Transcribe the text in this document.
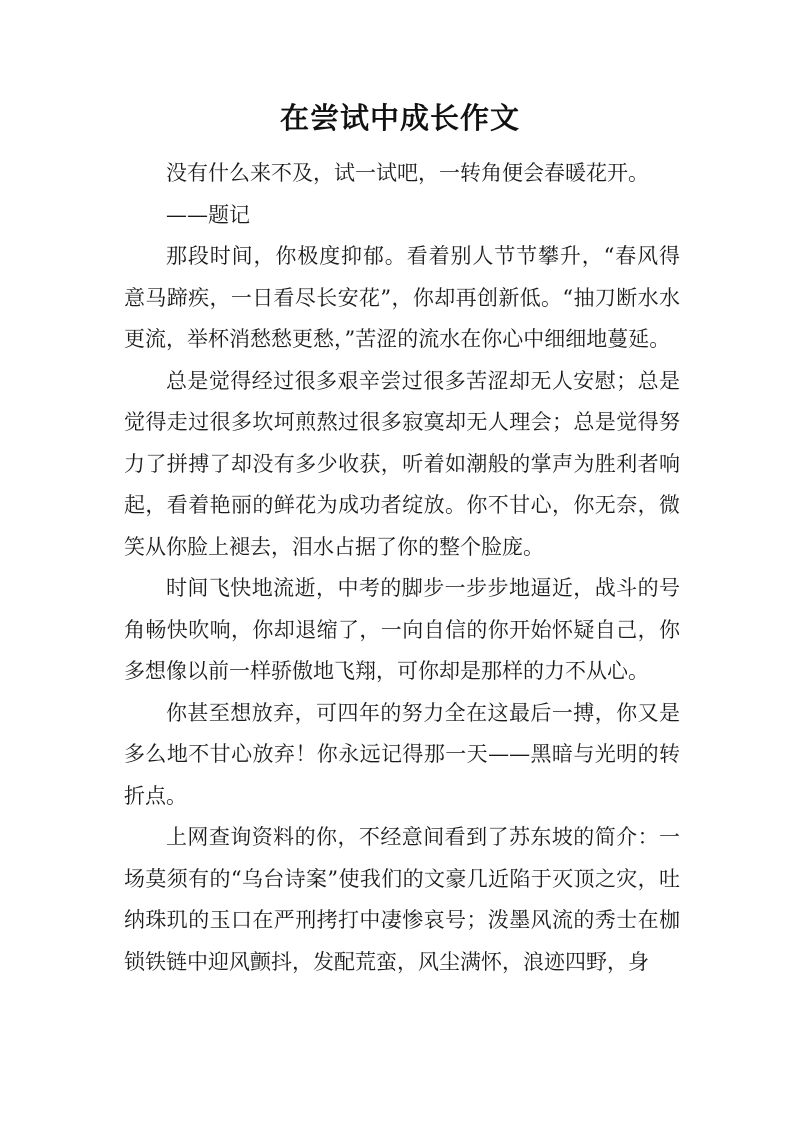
在尝试中成长作文

没有什么来不及，试一试吧，一转角便会春暖花开。

——题记

那段时间，你极度抑郁。看着别人节节攀升，“春风得意马蹄疾，一日看尽长安花”，你却再创新低。“抽刀断水水更流，举杯消愁愁更愁，”苦涩的流水在你心中细细地蔓延。

总是觉得经过很多艰辛尝过很多苦涩却无人安慰；总是觉得走过很多坎坷煎熬过很多寂寞却无人理会；总是觉得努力了拼搏了却没有多少收获，听着如潮般的掌声为胜利者响起，看着艳丽的鲜花为成功者绽放。你不甘心，你无奈，微笑从你脸上褪去，泪水占据了你的整个脸庞。

时间飞快地流逝，中考的脚步一步步地逼近，战斗的号角畅快吹响，你却退缩了，一向自信的你开始怀疑自己，你多想像以前一样骄傲地飞翔，可你却是那样的力不从心。

你甚至想放弃，可四年的努力全在这最后一搏，你又是多么地不甘心放弃！你永远记得那一天——黑暗与光明的转折点。

上网查询资料的你，不经意间看到了苏东坡的简介：一场莫须有的“乌台诗案”使我们的文豪几近陷于灭顶之灾，吐纳珠玑的玉口在严刑拷打中凄惨哀号；泼墨风流的秀士在枷锁铁链中迎风颤抖，发配荒蛮，风尘满怀，浪迹四野，身
